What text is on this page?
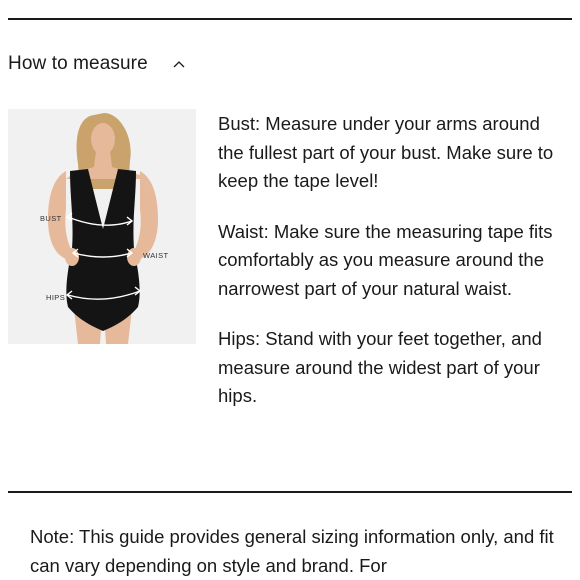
How to measure
BUST
WAIST
HIPS

Bust: Measure under your arms around the fullest part of your bust. Make sure to keep the tape level!

Waist: Make sure the measuring tape fits comfortably as you measure around the narrowest part of your natural waist.

Hips: Stand with your feet together, and measure around the widest part of your hips.

Note: This guide provides general sizing information only, and fit can vary depending on style and brand. For
